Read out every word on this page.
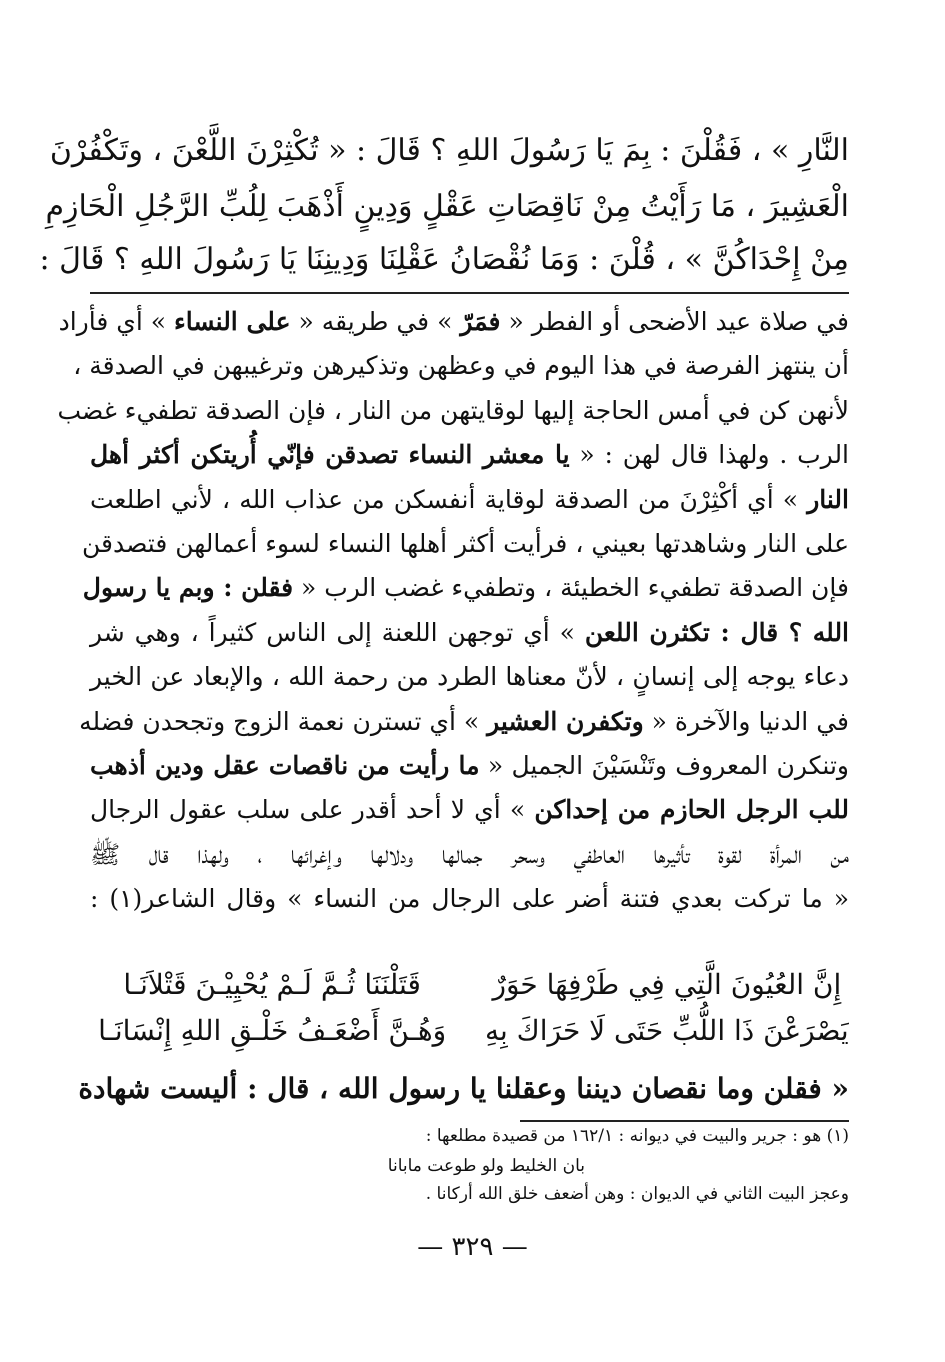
النَّارِ » ، فَقُلْنَ : بِمَ يَا رَسُولَ اللهِ ؟ قَالَ : « تُكْثِرْنَ اللَّعْنَ ، وتَكْفُرْنَ
الْعَشِيرَ ، مَا رَأَيْتُ مِنْ نَاقِصَاتِ عَقْلٍ وَدِينٍ أَذْهَبَ لِلُبِّ الرَّجُلِ الْحَازِمِ
مِنْ إِحْدَاكُنَّ » ، قُلْنَ : وَمَا نُقْصَانُ عَقْلِنَا وَدِينِنَا يَا رَسُولَ اللهِ ؟ قَالَ :
في صلاة عيد الأضحى أو الفطر « فمَرّ » في طريقه « على النساء » أي فأراد
أن ينتهز الفرصة في هذا اليوم في وعظهن وتذكيرهن وترغيبهن في الصدقة ،
لأنهن كن في أمس الحاجة إليها لوقايتهن من النار ، فإن الصدقة تطفيء غضب
الرب . ولهذا قال لهن : « يا معشر النساء تصدقن فإنّي أُريتكن أكثر أهل
النار » أي أكْثِرْنَ من الصدقة لوقاية أنفسكن من عذاب الله ، لأني اطلعت
على النار وشاهدتها بعيني ، فرأيت أكثر أهلها النساء لسوء أعمالهن فتصدقن
فإن الصدقة تطفيء الخطيئة ، وتطفيء غضب الرب « فقلن : وبم يا رسول
الله ؟ قال : تكثرن اللعن » أي توجهن اللعنة إلى الناس كثيراً ، وهي شر
دعاء يوجه إلى إنسانٍ ، لأنّ معناها الطرد من رحمة الله ، والإبعاد عن الخير
في الدنيا والآخرة « وتكفرن العشير » أي تسترن نعمة الزوج وتجحدن فضله
وتنكرن المعروف وتَنْسَيْنَ الجميل « ما رأيت من ناقصات عقل ودين أذهب
للب الرجل الحازم من إحداكن » أي لا أحد أقدر على سلب عقول الرجال
من المرأة لقوة تأثيرها العاطفي وسحر جمالها ودلالها وإغرائها ، ولهذا قال ﷺ
« ما تركت بعدي فتنة أضر على الرجال من النساء » وقال الشاعر(١) :
إِنَّ العُيُونَ الَّتِي فِي طَرْفِهَا حَوَرٌ
قَتَلْنَنَا ثُـمَّ لَـمْ يُحْيِيْـنَ قَتْلاَنَـا
يَصْرَعْنَ ذَا اللُّبِّ حَتَى لَا حَرَاكَ بِهِ
وَهُـنَّ أَضْعَـفُ خَلْـقِ اللهِ إِنْسَانَـا
« فقلن وما نقصان ديننا وعقلنا يا رسول الله ، قال : أليست شهادة
(١) هو : جرير والبيت في ديوانه : ١٦٢/١ من قصيدة مطلعها :
بان الخليط ولو طوعت مابانا
وعجز البيت الثاني في الديوان : وهن أضعف خلق الله أركانا .
— ٣٢٩ —
